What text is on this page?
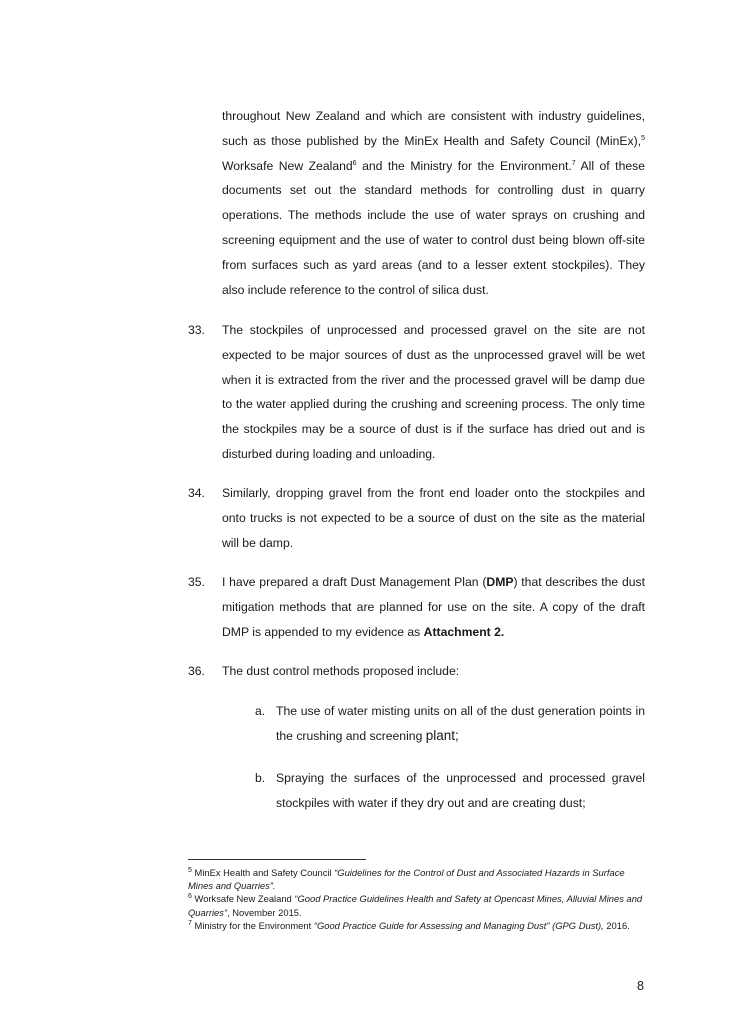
throughout New Zealand and which are consistent with industry guidelines, such as those published by the MinEx Health and Safety Council (MinEx),$^5$ Worksafe New Zealand$^6$ and the Ministry for the Environment.$^7$ All of these documents set out the standard methods for controlling dust in quarry operations. The methods include the use of water sprays on crushing and screening equipment and the use of water to control dust being blown off-site from surfaces such as yard areas (and to a lesser extent stockpiles). They also include reference to the control of silica dust.

33. The stockpiles of unprocessed and processed gravel on the site are not expected to be major sources of dust as the unprocessed gravel will be wet when it is extracted from the river and the processed gravel will be damp due to the water applied during the crushing and screening process. The only time the stockpiles may be a source of dust is if the surface has dried out and is disturbed during loading and unloading.

34. Similarly, dropping gravel from the front end loader onto the stockpiles and onto trucks is not expected to be a source of dust on the site as the material will be damp.

35. I have prepared a draft Dust Management Plan (DMP) that describes the dust mitigation methods that are planned for use on the site. A copy of the draft DMP is appended to my evidence as Attachment 2.

36. The dust control methods proposed include:

a. The use of water misting units on all of the dust generation points in the crushing and screening plant;

b. Spraying the surfaces of the unprocessed and processed gravel stockpiles with water if they dry out and are creating dust;

$^5$ MinEx Health and Safety Council “Guidelines for the Control of Dust and Associated Hazards in Surface Mines and Quarries”.

$^6$ Worksafe New Zealand “Good Practice Guidelines Health and Safety at Opencast Mines, Alluvial Mines and Quarries”, November 2015.

$^7$ Ministry for the Environment “Good Practice Guide for Assessing and Managing Dust” (GPG Dust), 2016.

8
